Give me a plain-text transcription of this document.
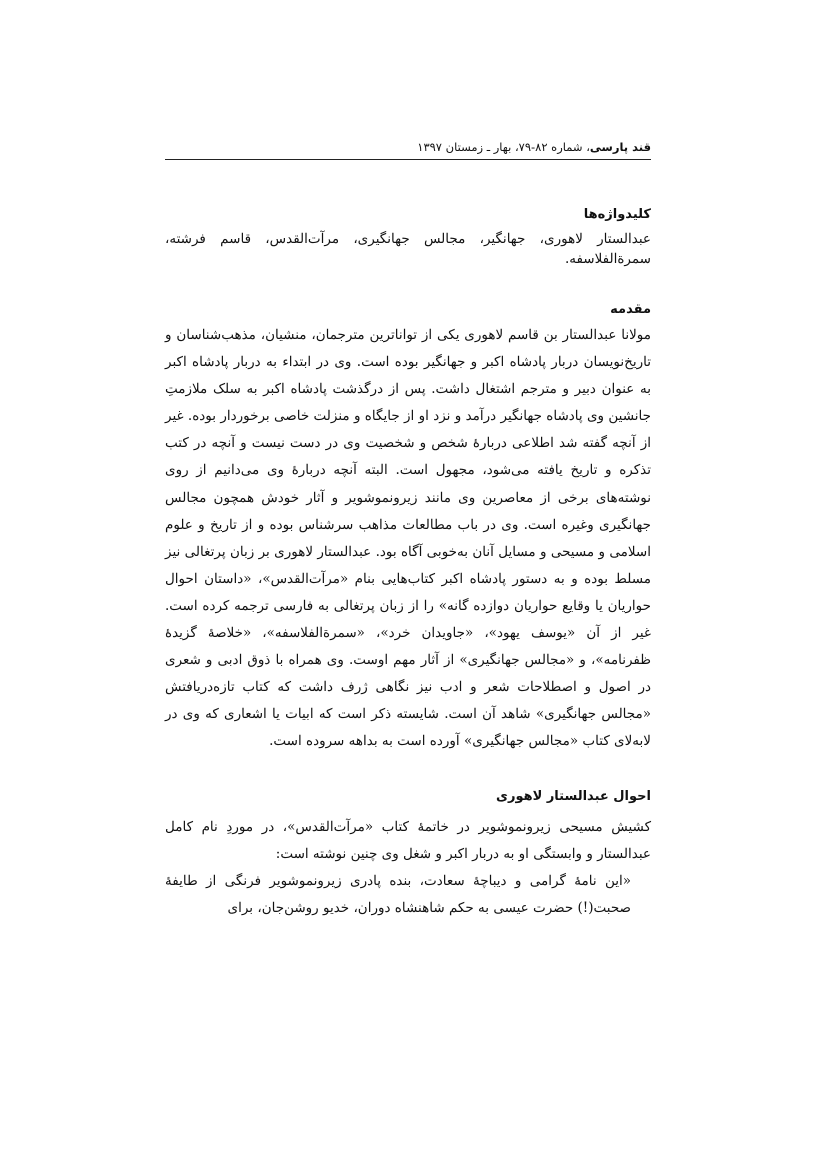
قند پارسی، شماره ۸۲-۷۹، بهار ـ زمستان ۱۳۹۷
کلیدواژه‌ها
عبدالستار لاهوری، جهانگیر، مجالس جهانگیری، مرآت‌القدس، قاسم فرشته، سمرةالفلاسفه.
مقدمه

مولانا عبدالستار بن قاسم لاهوری یکی از تواناترین مترجمان، منشیان، مذهب‌شناسان و تاریخ‌نویسان دربار پادشاه اکبر و جهانگیر بوده است. وی در ابتداء به دربار پادشاه اکبر به عنوان دبیر و مترجم اشتغال داشت. پس از درگذشت پادشاه اکبر به سلک ملازمتِ جانشین وی پادشاه جهانگیر درآمد و نزد او از جایگاه و منزلت خاصی برخوردار بوده. غیر از آنچه گفته شد اطلاعی دربارهٔ شخص و شخصیت وی در دست نیست و آنچه در کتب تذکره و تاریخ یافته می‌شود، مجهول است. البته آنچه دربارهٔ وی می‌دانیم از روی نوشته‌های برخی از معاصرین وی مانند زیرونموشویر و آثار خودش همچون مجالس جهانگیری وغیره است. وی در باب مطالعات مذاهب سرشناس بوده و از تاریخ و علوم اسلامی و مسیحی و مسایل آنان به‌خوبی آگاه بود. عبدالستار لاهوری بر زبان پرتغالی نیز مسلط بوده و به دستور پادشاه اکبر کتاب‌هایی بنام «مرآت‌القدس»، «داستان احوال حواریان یا وقایع حواریان دوازده گانه» را از زبان پرتغالی به فارسی ترجمه کرده است. غیر از آن «یوسف یهود»، «جاویدان خرد»، «سمرةالفلاسفه»، «خلاصهٔ گزیدهٔ ظفرنامه»، و «مجالس جهانگیری» از آثار مهم اوست. وی همراه با ذوق ادبی و شعری در اصول و اصطلاحات شعر و ادب نیز نگاهی ژرف داشت که کتاب تازه‌دریافتش «مجالس جهانگیری» شاهد آن است. شایسته ذکر است که ابیات یا اشعاری که وی در لابه‌لای کتاب «مجالس جهانگیری» آورده است به بداهه سروده است.

احوال عبدالستار لاهوری

کشیش مسیحی زیرونموشویر در خاتمهٔ کتاب «مرآت‌القدس»، در موردِ نام کامل عبدالستار و وابستگی او به دربار اکبر و شغل وی چنین نوشته است:

«این نامهٔ گرامی و دیباچهٔ سعادت، بنده پادری زیرونموشویر فرنگی از طایفهٔ صحبت(!) حضرت عیسی به حکم شاهنشاه دوران، خدیو روشن‌جان، برای
